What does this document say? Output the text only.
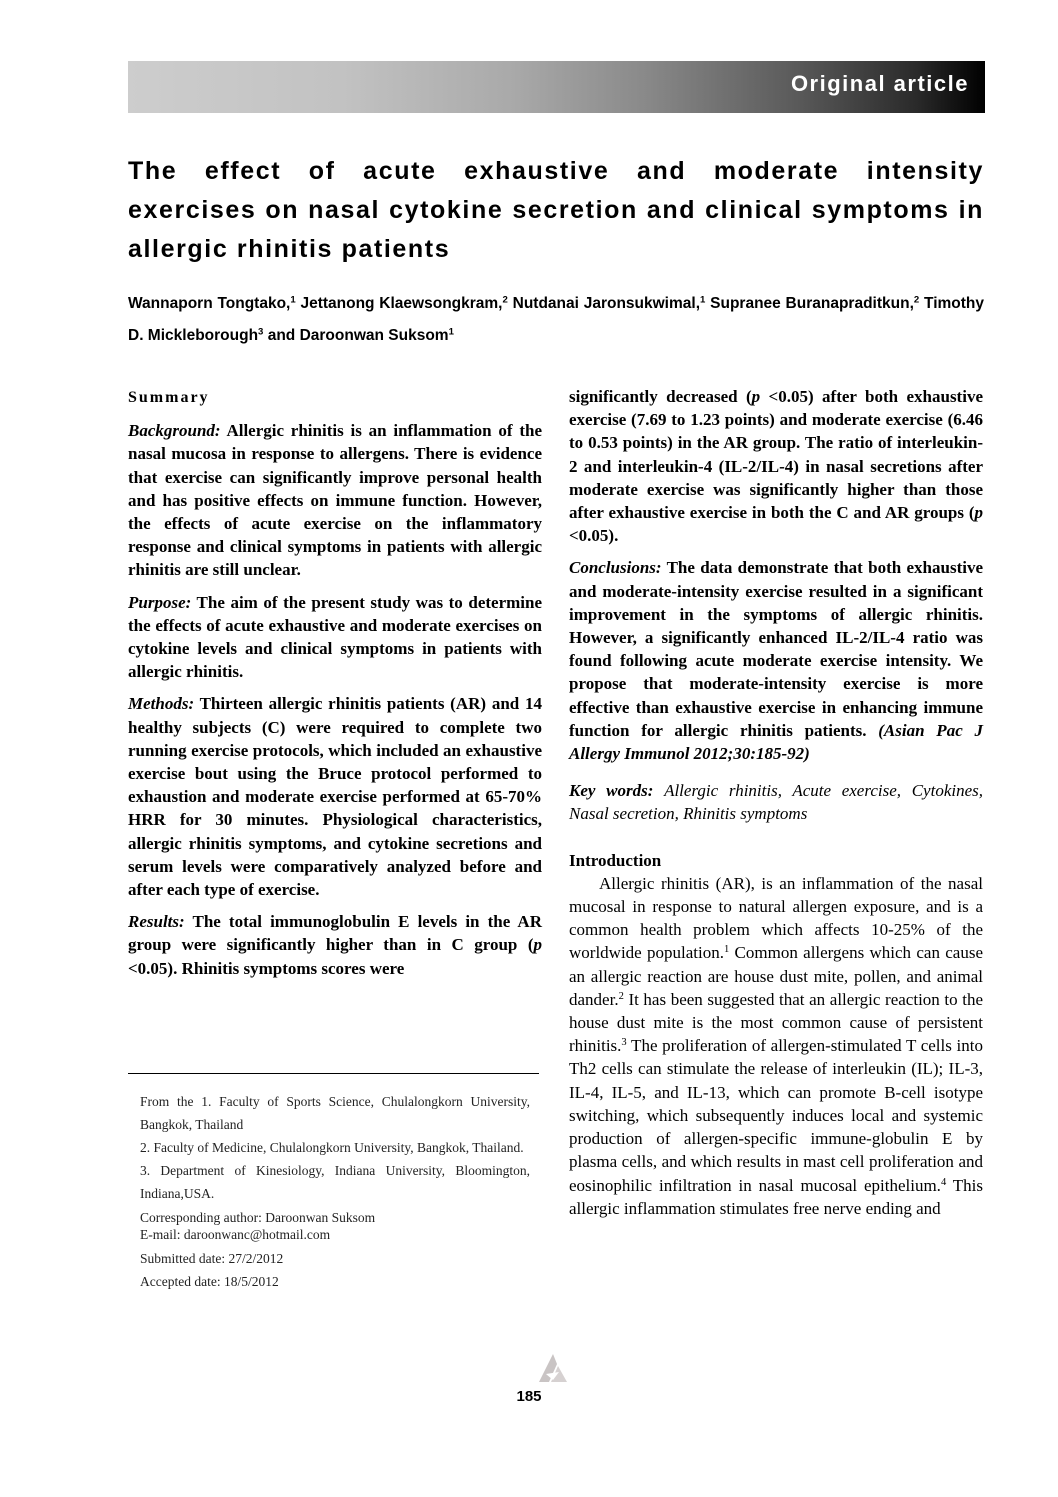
Original article
The effect of acute exhaustive and moderate intensity exercises on nasal cytokine secretion and clinical symptoms in allergic rhinitis patients
Wannaporn Tongtako,$^1$ Jettanong Klaewsongkram,$^2$ Nutdanai Jaronsukwimal,$^1$ Supranee Buranapraditkun,$^2$ Timothy D. Mickleborough$^3$ and Daroonwan Suksom$^1$
Summary

Background: Allergic rhinitis is an inflammation of the nasal mucosa in response to allergens. There is evidence that exercise can significantly improve personal health and has positive effects on immune function. However, the effects of acute exercise on the inflammatory response and clinical symptoms in patients with allergic rhinitis are still unclear.

Purpose: The aim of the present study was to determine the effects of acute exhaustive and moderate exercises on cytokine levels and clinical symptoms in patients with allergic rhinitis.

Methods: Thirteen allergic rhinitis patients (AR) and 14 healthy subjects (C) were required to complete two running exercise protocols, which included an exhaustive exercise bout using the Bruce protocol performed to exhaustion and moderate exercise performed at 65-70% HRR for 30 minutes. Physiological characteristics, allergic rhinitis symptoms, and cytokine secretions and serum levels were comparatively analyzed before and after each type of exercise.

Results: The total immunoglobulin E levels in the AR group were significantly higher than in C group (p <0.05). Rhinitis symptoms scores were

From the 1. Faculty of Sports Science, Chulalongkorn University, Bangkok, Thailand

2. Faculty of Medicine, Chulalongkorn University, Bangkok, Thailand.

3. Department of Kinesiology, Indiana University, Bloomington, Indiana,USA.

Corresponding author: Daroonwan Suksom

E-mail: daroonwanc@hotmail.com

Submitted date: 27/2/2012

Accepted date: 18/5/2012

significantly decreased (p <0.05) after both exhaustive exercise (7.69 to 1.23 points) and moderate exercise (6.46 to 0.53 points) in the AR group. The ratio of interleukin-2 and interleukin-4 (IL-2/IL-4) in nasal secretions after moderate exercise was significantly higher than those after exhaustive exercise in both the C and AR groups (p <0.05).

Conclusions: The data demonstrate that both exhaustive and moderate-intensity exercise resulted in a significant improvement in the symptoms of allergic rhinitis. However, a significantly enhanced IL-2/IL-4 ratio was found following acute moderate exercise intensity. We propose that moderate-intensity exercise is more effective than exhaustive exercise in enhancing immune function for allergic rhinitis patients. (Asian Pac J Allergy Immunol 2012;30:185-92)

Key words: Allergic rhinitis, Acute exercise, Cytokines, Nasal secretion, Rhinitis symptoms

Introduction

Allergic rhinitis (AR), is an inflammation of the nasal mucosal in response to natural allergen exposure, and is a common health problem which affects 10-25% of the worldwide population.$^1$ Common allergens which can cause an allergic reaction are house dust mite, pollen, and animal dander.$^2$ It has been suggested that an allergic reaction to the house dust mite is the most common cause of persistent rhinitis.$^3$ The proliferation of allergen-stimulated T cells into Th2 cells can stimulate the release of interleukin (IL); IL-3, IL-4, IL-5, and IL-13, which can promote B-cell isotype switching, which subsequently induces local and systemic production of allergen-specific immune-globulin E by plasma cells, and which results in mast cell proliferation and eosinophilic infiltration in nasal mucosal epithelium.$^4$ This allergic inflammation stimulates free nerve ending and

185
